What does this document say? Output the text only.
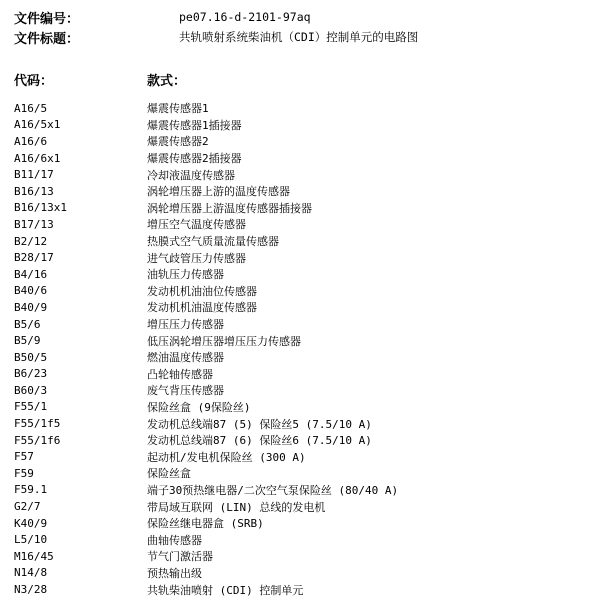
文件编号：	pe07.16-d-2101-97aq
文件标题：	共轨喷射系统柴油机（CDI）控制单元的电路图
代码：	款式：
A16/5	爆震传感器1
A16/5x1	爆震传感器1插接器
A16/6	爆震传感器2
A16/6x1	爆震传感器2插接器
B11/17	冷却液温度传感器
B16/13	涡轮增压器上游的温度传感器
B16/13x1	涡轮增压器上游温度传感器插接器
B17/13	增压空气温度传感器
B2/12	热膜式空气质量流量传感器
B28/17	进气歧管压力传感器
B4/16	油轨压力传感器
B40/6	发动机机油油位传感器
B40/9	发动机机油温度传感器
B5/6	增压压力传感器
B5/9	低压涡轮增压器增压压力传感器
B50/5	燃油温度传感器
B6/23	凸轮轴传感器
B60/3	废气背压传感器
F55/1	保险丝盒 (9保险丝)
F55/1f5	发动机总线端87 (5) 保险丝5 (7.5/10 A)
F55/1f6	发动机总线端87 (6) 保险丝6 (7.5/10 A)
F57	起动机/发电机保险丝 (300 A)
F59	保险丝盒
F59.1	端子30预热继电器/二次空气泵保险丝 (80/40 A)
G2/7	带局域互联网 (LIN) 总线的发电机
K40/9	保险丝继电器盒 (SRB)
L5/10	曲轴传感器
M16/45	节气门激活器
N14/8	预热输出级
N3/28	共轨柴油喷射 (CDI) 控制单元
